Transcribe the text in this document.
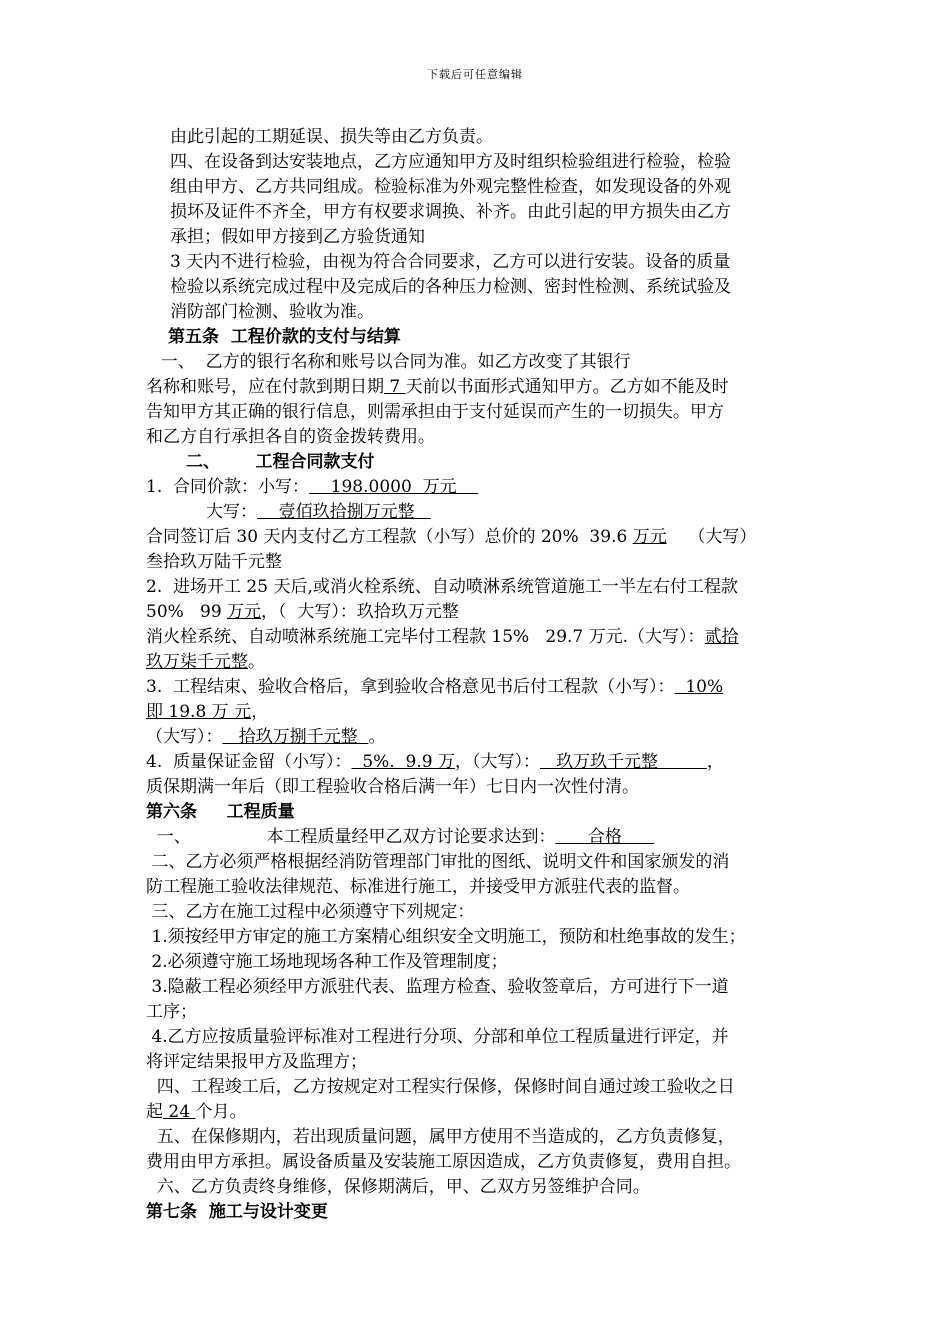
下载后可任意编辑
由此引起的工期延误、损失等由乙方负责。
四、在设备到达安装地点，乙方应通知甲方及时组织检验组进行检验，检验
组由甲方、乙方共同组成。检验标准为外观完整性检查，如发现设备的外观
损坏及证件不齐全，甲方有权要求调换、补齐。由此引起的甲方损失由乙方
承担；假如甲方接到乙方验货通知
3 天内不进行检验，由视为符合合同要求，乙方可以进行安装。设备的质量
检验以系统完成过程中及完成后的各种压力检测、密封性检测、系统试验及
消防部门检测、验收为准。
第五条  工程价款的支付与结算
一、  乙方的银行名称和账号以合同为准。如乙方改变了其银行
名称和账号，应在付款到期日期 7 天前以书面形式通知甲方。乙方如不能及时
告知甲方其正确的银行信息，则需承担由于支付延误而产生的一切损失。甲方
和乙方自行承担各自的资金拨转费用。
二、      工程合同款支付
1.  合同价款：小写：    198.0000  万元
大写：    壹佰玖拾捌万元整
合同签订后 30 天内支付乙方工程款（小写）总价的 20%  39.6 万元    （大写）
叁拾玖万陆千元整
2.  进场开工 25 天后,或消火栓系统、自动喷淋系统管道施工一半左右付工程款
50%   99 万元，（  大写）：玖拾玖万元整
消火栓系统、自动喷淋系统施工完毕付工程款 15%   29.7 万元.（大写）：贰拾
玖万柒千元整。
3.  工程结束、验收合格后，拿到验收合格意见书后付工程款（小写）：  10%
即 19.8 万 元，
（大写）：   拾玖万捌千元整  。
4.  质量保证金留（小写）：  5%.  9.9 万，（大写）：   玖万玖千元整         ，
质保期满一年后（即工程验收合格后满一年）七日内一次性付清。
第六条     工程质量
一、              本工程质量经甲乙双方讨论要求达到：      合格
二、乙方必须严格根据经消防管理部门审批的图纸、说明文件和国家颁发的消
防工程施工验收法律规范、标准进行施工，并接受甲方派驻代表的监督。
三、乙方在施工过程中必须遵守下列规定：
1.须按经甲方审定的施工方案精心组织安全文明施工，预防和杜绝事故的发生；
2.必须遵守施工场地现场各种工作及管理制度；
3.隐蔽工程必须经甲方派驻代表、监理方检查、验收签章后，方可进行下一道
工序；
4.乙方应按质量验评标准对工程进行分项、分部和单位工程质量进行评定，并
将评定结果报甲方及监理方；
四、工程竣工后，乙方按规定对工程实行保修，保修时间自通过竣工验收之日
起 24 个月。
五、在保修期内，若出现质量问题，属甲方使用不当造成的，乙方负责修复，
费用由甲方承担。属设备质量及安装施工原因造成，乙方负责修复，费用自担。
六、乙方负责终身维修，保修期满后，甲、乙双方另签维护合同。
第七条  施工与设计变更
